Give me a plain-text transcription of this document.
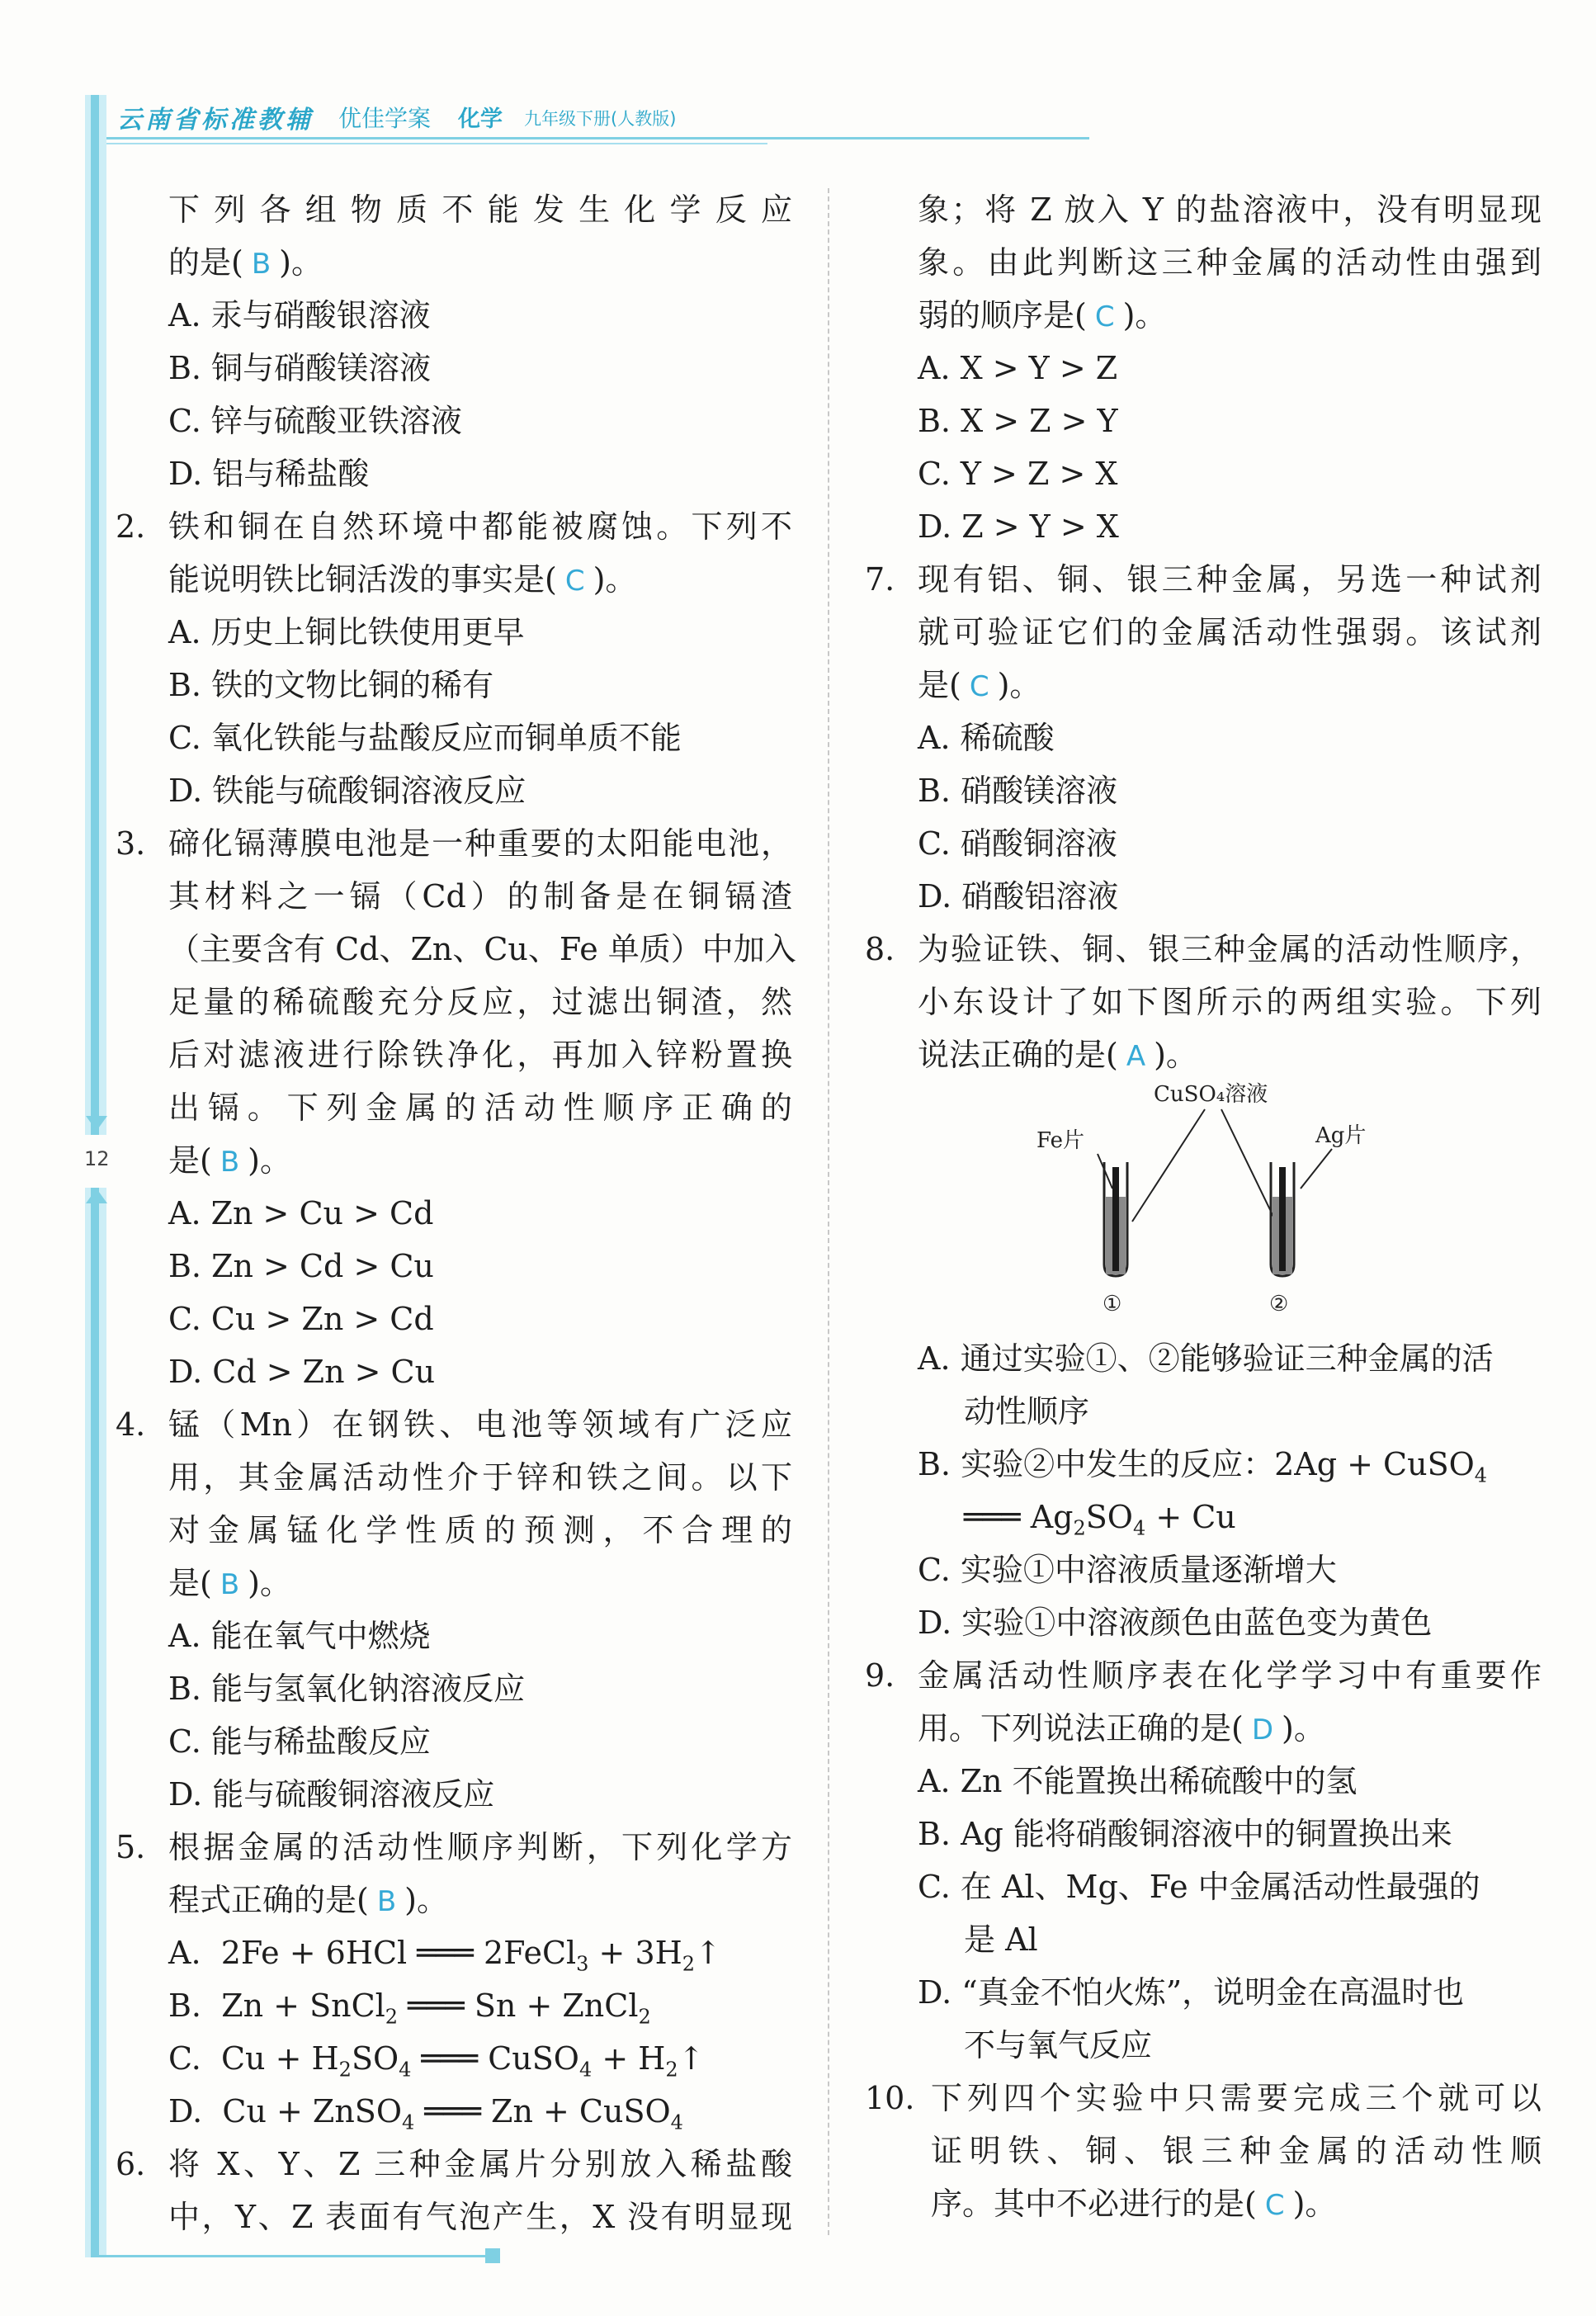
云南省标准教辅 优佳学案 化学 九年级下册(人教版)
12
下列各组物质不能发生化学反应
的是( B )。
A. 汞与硝酸银溶液
B. 铜与硝酸镁溶液
C. 锌与硫酸亚铁溶液
D. 铝与稀盐酸
2. 铁和铜在自然环境中都能被腐蚀。下列不
能说明铁比铜活泼的事实是( C )。
A. 历史上铜比铁使用更早
B. 铁的文物比铜的稀有
C. 氧化铁能与盐酸反应而铜单质不能
D. 铁能与硫酸铜溶液反应
3. 碲化镉薄膜电池是一种重要的太阳能电池，
其材料之一镉（Cd）的制备是在铜镉渣
（主要含有 Cd、Zn、Cu、Fe 单质）中加入
足量的稀硫酸充分反应，过滤出铜渣，然
后对滤液进行除铁净化，再加入锌粉置换
出镉。下列金属的活动性顺序正确的
是( B )。
A. Zn > Cu > Cd
B. Zn > Cd > Cu
C. Cu > Zn > Cd
D. Cd > Zn > Cu
4. 锰（Mn）在钢铁、电池等领域有广泛应
用，其金属活动性介于锌和铁之间。以下
对金属锰化学性质的预测，不合理的
是( B )。
A. 能在氧气中燃烧
B. 能与氢氧化钠溶液反应
C. 能与稀盐酸反应
D. 能与硫酸铜溶液反应
5. 根据金属的活动性顺序判断，下列化学方
程式正确的是( B )。
A. 2Fe + 6HCl ═══ 2FeCl$_3$ + $3H_2↑$
B. Zn + SnCl$_2$ ═══ Sn + ZnCl$_2$
C. $Cu + H_2SO_4$ ═══ CuSO$_4$ + $H_2↑$
D. Cu + ZnSO$_4$ ═══ Zn + CuSO$_4$
6. 将 X、Y、Z 三种金属片分别放入稀盐酸
中，Y、Z 表面有气泡产生，X 没有明显现
象；将 Z 放入 Y 的盐溶液中，没有明显现
象。由此判断这三种金属的活动性由强到
弱的顺序是( C )。
A. X > Y > Z
B. X > Z > Y
C. Y > Z > X
D. Z > Y > X
7. 现有铝、铜、银三种金属，另选一种试剂
就可验证它们的金属活动性强弱。该试剂
是( C )。
A. 稀硫酸
B. 硝酸镁溶液
C. 硝酸铜溶液
D. 硝酸铝溶液
8. 为验证铁、铜、银三种金属的活动性顺序，
小东设计了如下图所示的两组实验。下列
说法正确的是( A )。
A. 通过实验①、②能够验证三种金属的活
动性顺序
B. 实验②中发生的反应：2Ag + CuSO$_4$
═══ $Ag_2SO_4 + Cu$
C. 实验①中溶液质量逐渐增大
D. 实验①中溶液颜色由蓝色变为黄色
9. 金属活动性顺序表在化学学习中有重要作
用。下列说法正确的是( D )。
A. Zn 不能置换出稀硫酸中的氢
B. Ag 能将硝酸铜溶液中的铜置换出来
C. 在 Al、Mg、Fe 中金属活动性最强的
是 Al
D. “真金不怕火炼”，说明金在高温时也
不与氧气反应
10. 下列四个实验中只需要完成三个就可以
证明铁、铜、银三种金属的活动性顺
序。其中不必进行的是( C )。
CuSO₄溶液
Fe片	Ag片
①	②
